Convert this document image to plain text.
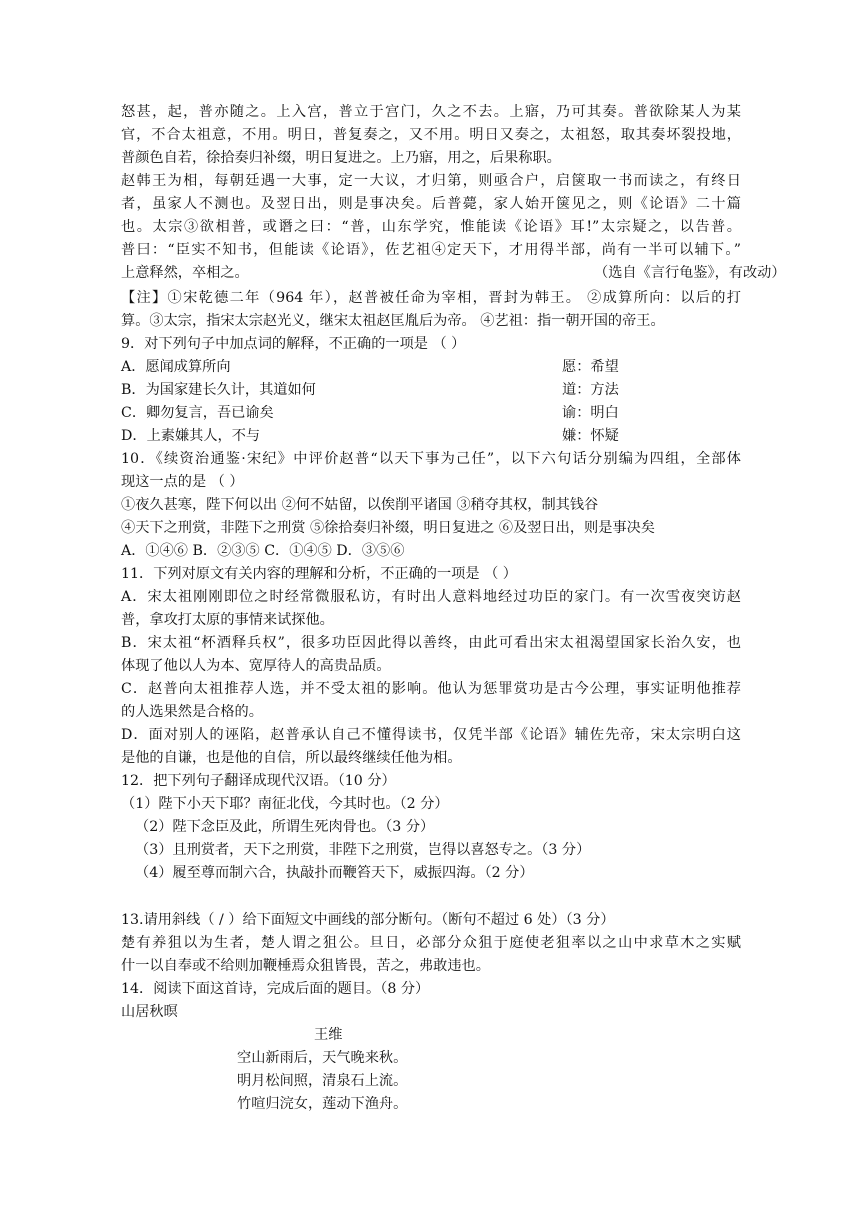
怒甚，起，普亦随之。上入宫，普立于宫门，久之不去。上寤，乃可其奏。普欲除某人为某
官，不合太祖意，不用。明日，普复奏之，又不用。明日又奏之，太祖怒，取其奏坏裂投地，
普颜色自若，徐拾奏归补缀，明日复进之。上乃寤，用之，后果称职。
赵韩王为相，每朝廷遇一大事，定一大议，才归第，则亟合户，启箧取一书而读之，有终日
者，虽家人不测也。及翌日出，则是事决矣。后普薨，家人始开箧见之，则《论语》二十篇
也。太宗③欲相普，或谮之曰：“普，山东学究，惟能读《论语》耳!”太宗疑之，以告普。
普曰：“臣实不知书，但能读《论语》，佐艺祖④定天下，才用得半部，尚有一半可以辅下。”
上意释然，卒相之。	（选自《言行龟鉴》，有改动）
【注】①宋乾德二年（964 年），赵普被任命为宰相，晋封为韩王。 ②成算所向：以后的打
算。③太宗，指宋太宗赵光义，继宋太祖赵匡胤后为帝。 ④艺祖：指一朝开国的帝王。
9．对下列句子中加点词的解释，不正确的一项是 （ ）
A．愿闻成算所向	愿：希望
B．为国家建长久计，其道如何	道：方法
C．卿勿复言，吾已谕矣	谕：明白
D．上素嫌其人，不与	嫌：怀疑
10．《续资治通鉴·宋纪》中评价赵普“以天下事为己任”，以下六句话分别编为四组，全部体
现这一点的是 （ ）
①夜久甚寒，陛下何以出 ②何不姑留，以俟削平诸国 ③稍夺其权，制其钱谷
④天下之刑赏，非陛下之刑赏 ⑤徐拾奏归补缀，明日复进之 ⑥及翌日出，则是事决矣
A．①④⑥ B．②③⑤ C．①④⑤ D．③⑤⑥
11．下列对原文有关内容的理解和分析，不正确的一项是 （ ）
A．宋太祖刚刚即位之时经常微服私访，有时出人意料地经过功臣的家门。有一次雪夜突访赵
普，拿攻打太原的事情来试探他。
B．宋太祖“杯酒释兵权”，很多功臣因此得以善终，由此可看出宋太祖渴望国家长治久安，也
体现了他以人为本、宽厚待人的高贵品质。
C．赵普向太祖推荐人选，并不受太祖的影响。他认为惩罪赏功是古今公理，事实证明他推荐
的人选果然是合格的。
D．面对别人的诬陷，赵普承认自己不懂得读书，仅凭半部《论语》辅佐先帝，宋太宗明白这
是他的自谦，也是他的自信，所以最终继续任他为相。
12．把下列句子翻译成现代汉语。（10 分）
（1）陛下小天下耶？南征北伐，今其时也。（2 分）
（2）陛下念臣及此，所谓生死肉骨也。（3 分）
（3）且刑赏者，天下之刑赏，非陛下之刑赏，岂得以喜怒专之。（3 分）
（4）履至尊而制六合，执敲扑而鞭笞天下，威振四海。（2 分）
13.请用斜线（ / ）给下面短文中画线的部分断句。（断句不超过 6 处）（3 分）
楚有养狙以为生者，楚人谓之狙公。旦日，必部分众狙于庭使老狙率以之山中求草木之实赋
什一以自奉或不给则加鞭棰焉众狙皆畏，苦之，弗敢违也。
14．阅读下面这首诗，完成后面的题目。（8 分）
山居秋暝
王维
空山新雨后，天气晚来秋。
明月松间照，清泉石上流。
竹喧归浣女，莲动下渔舟。
